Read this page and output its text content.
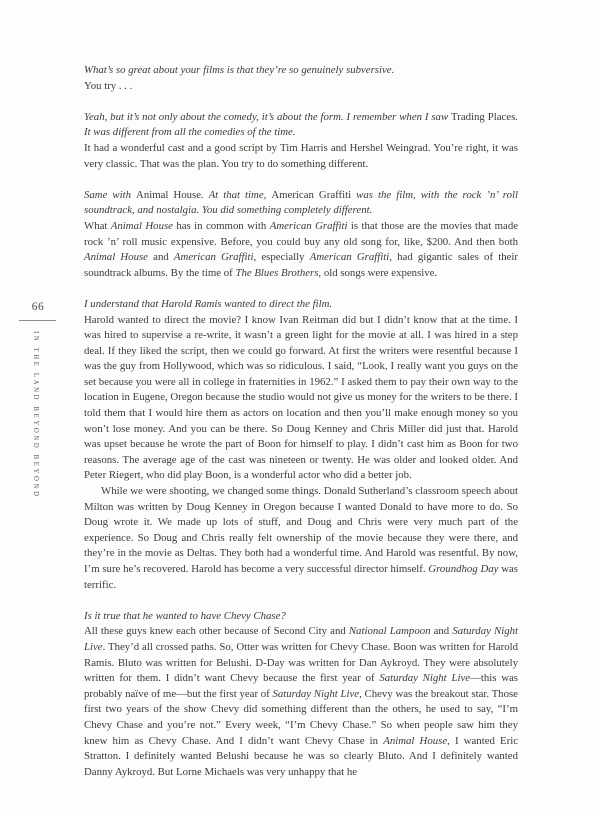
66
IN THE LAND BEYOND BEYOND
What’s so great about your films is that they’re so genuinely subversive.
You try . . .
Yeah, but it’s not only about the comedy, it’s about the form. I remember when I saw Trading Places. It was different from all the comedies of the time.
It had a wonderful cast and a good script by Tim Harris and Hershel Weingrad. You’re right, it was very classic. That was the plan. You try to do something different.
Same with Animal House. At that time, American Graffiti was the film, with the rock ’n’ roll soundtrack, and nostalgia. You did something completely different.
What Animal House has in common with American Graffiti is that those are the movies that made rock ’n’ roll music expensive. Before, you could buy any old song for, like, $200. And then both Animal House and American Graffiti, especially American Graffiti, had gigantic sales of their soundtrack albums. By the time of The Blues Brothers, old songs were expensive.
I understand that Harold Ramis wanted to direct the film.
Harold wanted to direct the movie? I know Ivan Reitman did but I didn’t know that at the time. I was hired to supervise a re-write, it wasn’t a green light for the movie at all. I was hired in a step deal. If they liked the script, then we could go forward. At first the writers were resentful because I was the guy from Hollywood, which was so ridiculous. I said, “Look, I really want you guys on the set because you were all in college in fraternities in 1962.” I asked them to pay their own way to the location in Eugene, Oregon because the studio would not give us money for the writers to be there. I told them that I would hire them as actors on location and then you’ll make enough money so you won’t lose money. And you can be there. So Doug Kenney and Chris Miller did just that. Harold was upset because he wrote the part of Boon for himself to play. I didn’t cast him as Boon for two reasons. The average age of the cast was nineteen or twenty. He was older and looked older. And Peter Riegert, who did play Boon, is a wonderful actor who did a better job.
While we were shooting, we changed some things. Donald Sutherland’s classroom speech about Milton was written by Doug Kenney in Oregon because I wanted Donald to have more to do. So Doug wrote it. We made up lots of stuff, and Doug and Chris were very much part of the experience. So Doug and Chris really felt ownership of the movie because they were there, and they’re in the movie as Deltas. They both had a wonderful time. And Harold was resentful. By now, I’m sure he’s recovered. Harold has become a very successful director himself. Groundhog Day was terrific.
Is it true that he wanted to have Chevy Chase?
All these guys knew each other because of Second City and National Lampoon and Saturday Night Live. They’d all crossed paths. So, Otter was written for Chevy Chase. Boon was written for Harold Ramis. Bluto was written for Belushi. D-Day was written for Dan Aykroyd. They were absolutely written for them. I didn’t want Chevy because the first year of Saturday Night Live—this was probably naïve of me—but the first year of Saturday Night Live, Chevy was the breakout star. Those first two years of the show Chevy did something different than the others, he used to say, “I’m Chevy Chase and you’re not.” Every week, “I’m Chevy Chase.” So when people saw him they knew him as Chevy Chase. And I didn’t want Chevy Chase in Animal House, I wanted Eric Stratton. I definitely wanted Belushi because he was so clearly Bluto. And I definitely wanted Danny Aykroyd. But Lorne Michaels was very unhappy that he
